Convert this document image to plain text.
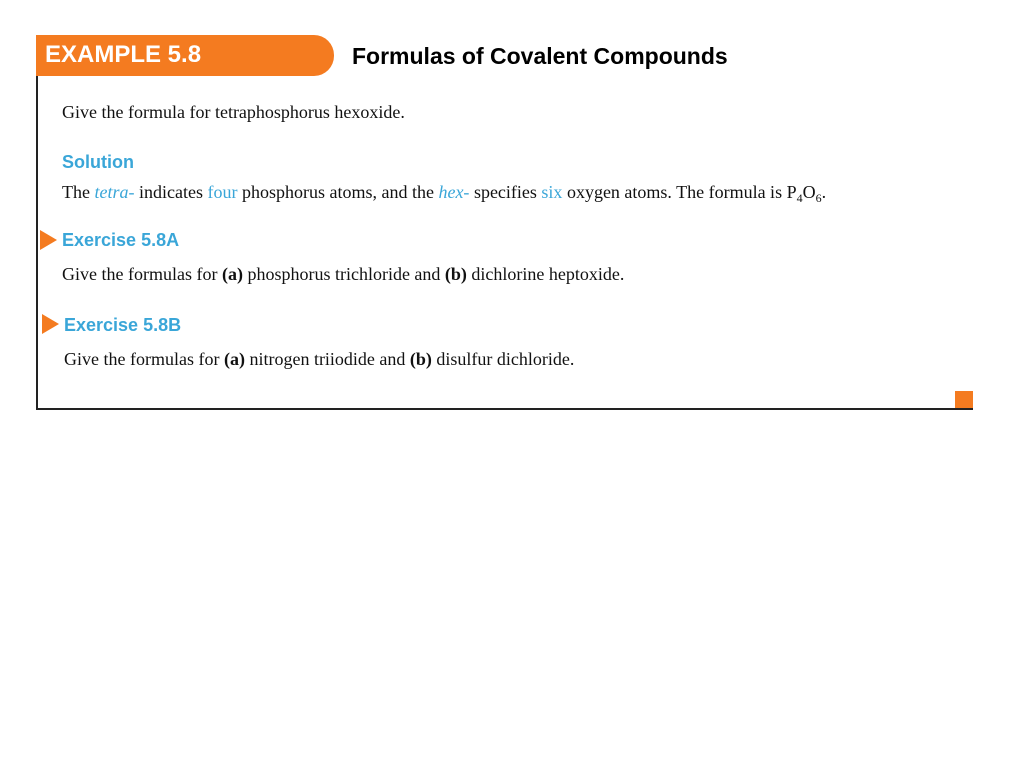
EXAMPLE 5.8	Formulas of Covalent Compounds
Give the formula for tetraphosphorus hexoxide.
Solution
The tetra- indicates four phosphorus atoms, and the hex- specifies six oxygen atoms. The formula is $P_4O_6$.
Exercise 5.8A
Give the formulas for (a) phosphorus trichloride and (b) dichlorine heptoxide.
Exercise 5.8B
Give the formulas for (a) nitrogen triiodide and (b) disulfur dichloride.
